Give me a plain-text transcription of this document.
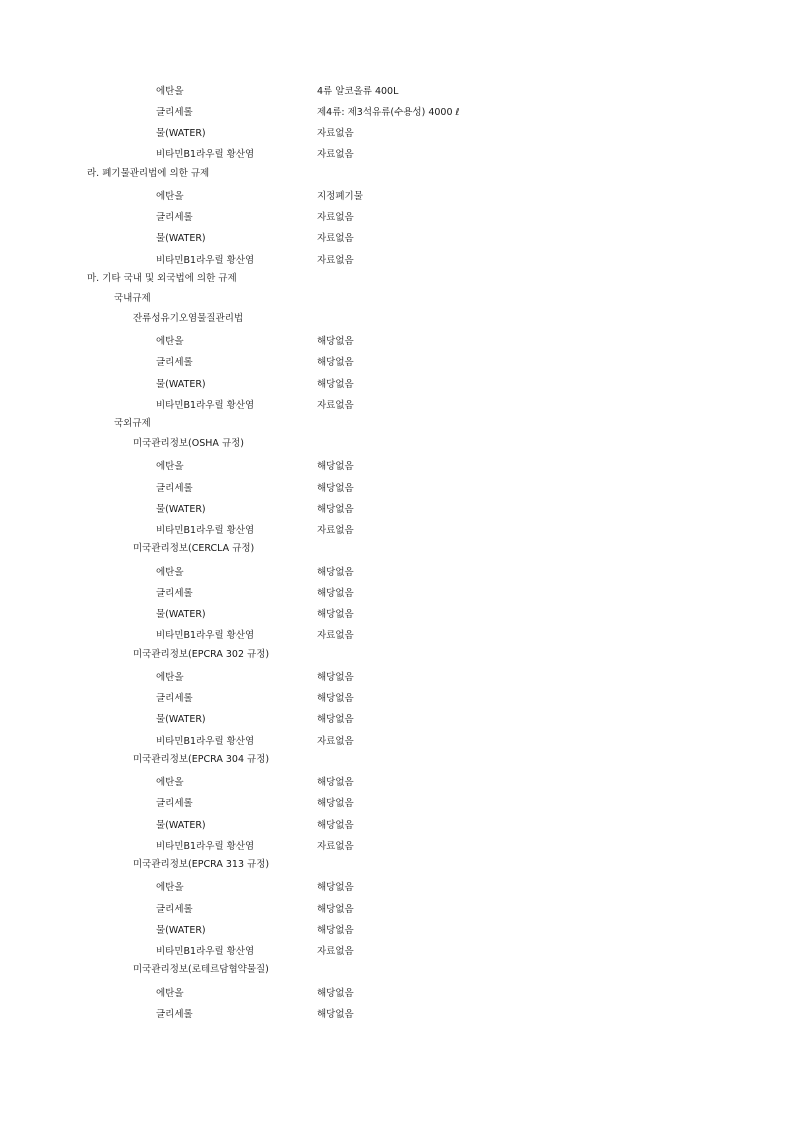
에탄올	4류 알코올류 400L
글리세롤	제4류: 제3석유류(수용성) 4000 ℓ
물(WATER)	자료없음
비타민B1라우릴 황산염	자료없음
라. 폐기물관리법에 의한 규제
에탄올	지정폐기물
글리세롤	자료없음
물(WATER)	자료없음
비타민B1라우릴 황산염	자료없음
마. 기타 국내 및 외국법에 의한 규제
국내규제
잔류성유기오염물질관리법
에탄올	해당없음
글리세롤	해당없음
물(WATER)	해당없음
비타민B1라우릴 황산염	자료없음
국외규제
미국관리정보(OSHA 규정)
에탄올	해당없음
글리세롤	해당없음
물(WATER)	해당없음
비타민B1라우릴 황산염	자료없음
미국관리정보(CERCLA 규정)
에탄올	해당없음
글리세롤	해당없음
물(WATER)	해당없음
비타민B1라우릴 황산염	자료없음
미국관리정보(EPCRA 302 규정)
에탄올	해당없음
글리세롤	해당없음
물(WATER)	해당없음
비타민B1라우릴 황산염	자료없음
미국관리정보(EPCRA 304 규정)
에탄올	해당없음
글리세롤	해당없음
물(WATER)	해당없음
비타민B1라우릴 황산염	자료없음
미국관리정보(EPCRA 313 규정)
에탄올	해당없음
글리세롤	해당없음
물(WATER)	해당없음
비타민B1라우릴 황산염	자료없음
미국관리정보(로테르담협약물질)
에탄올	해당없음
글리세롤	해당없음
